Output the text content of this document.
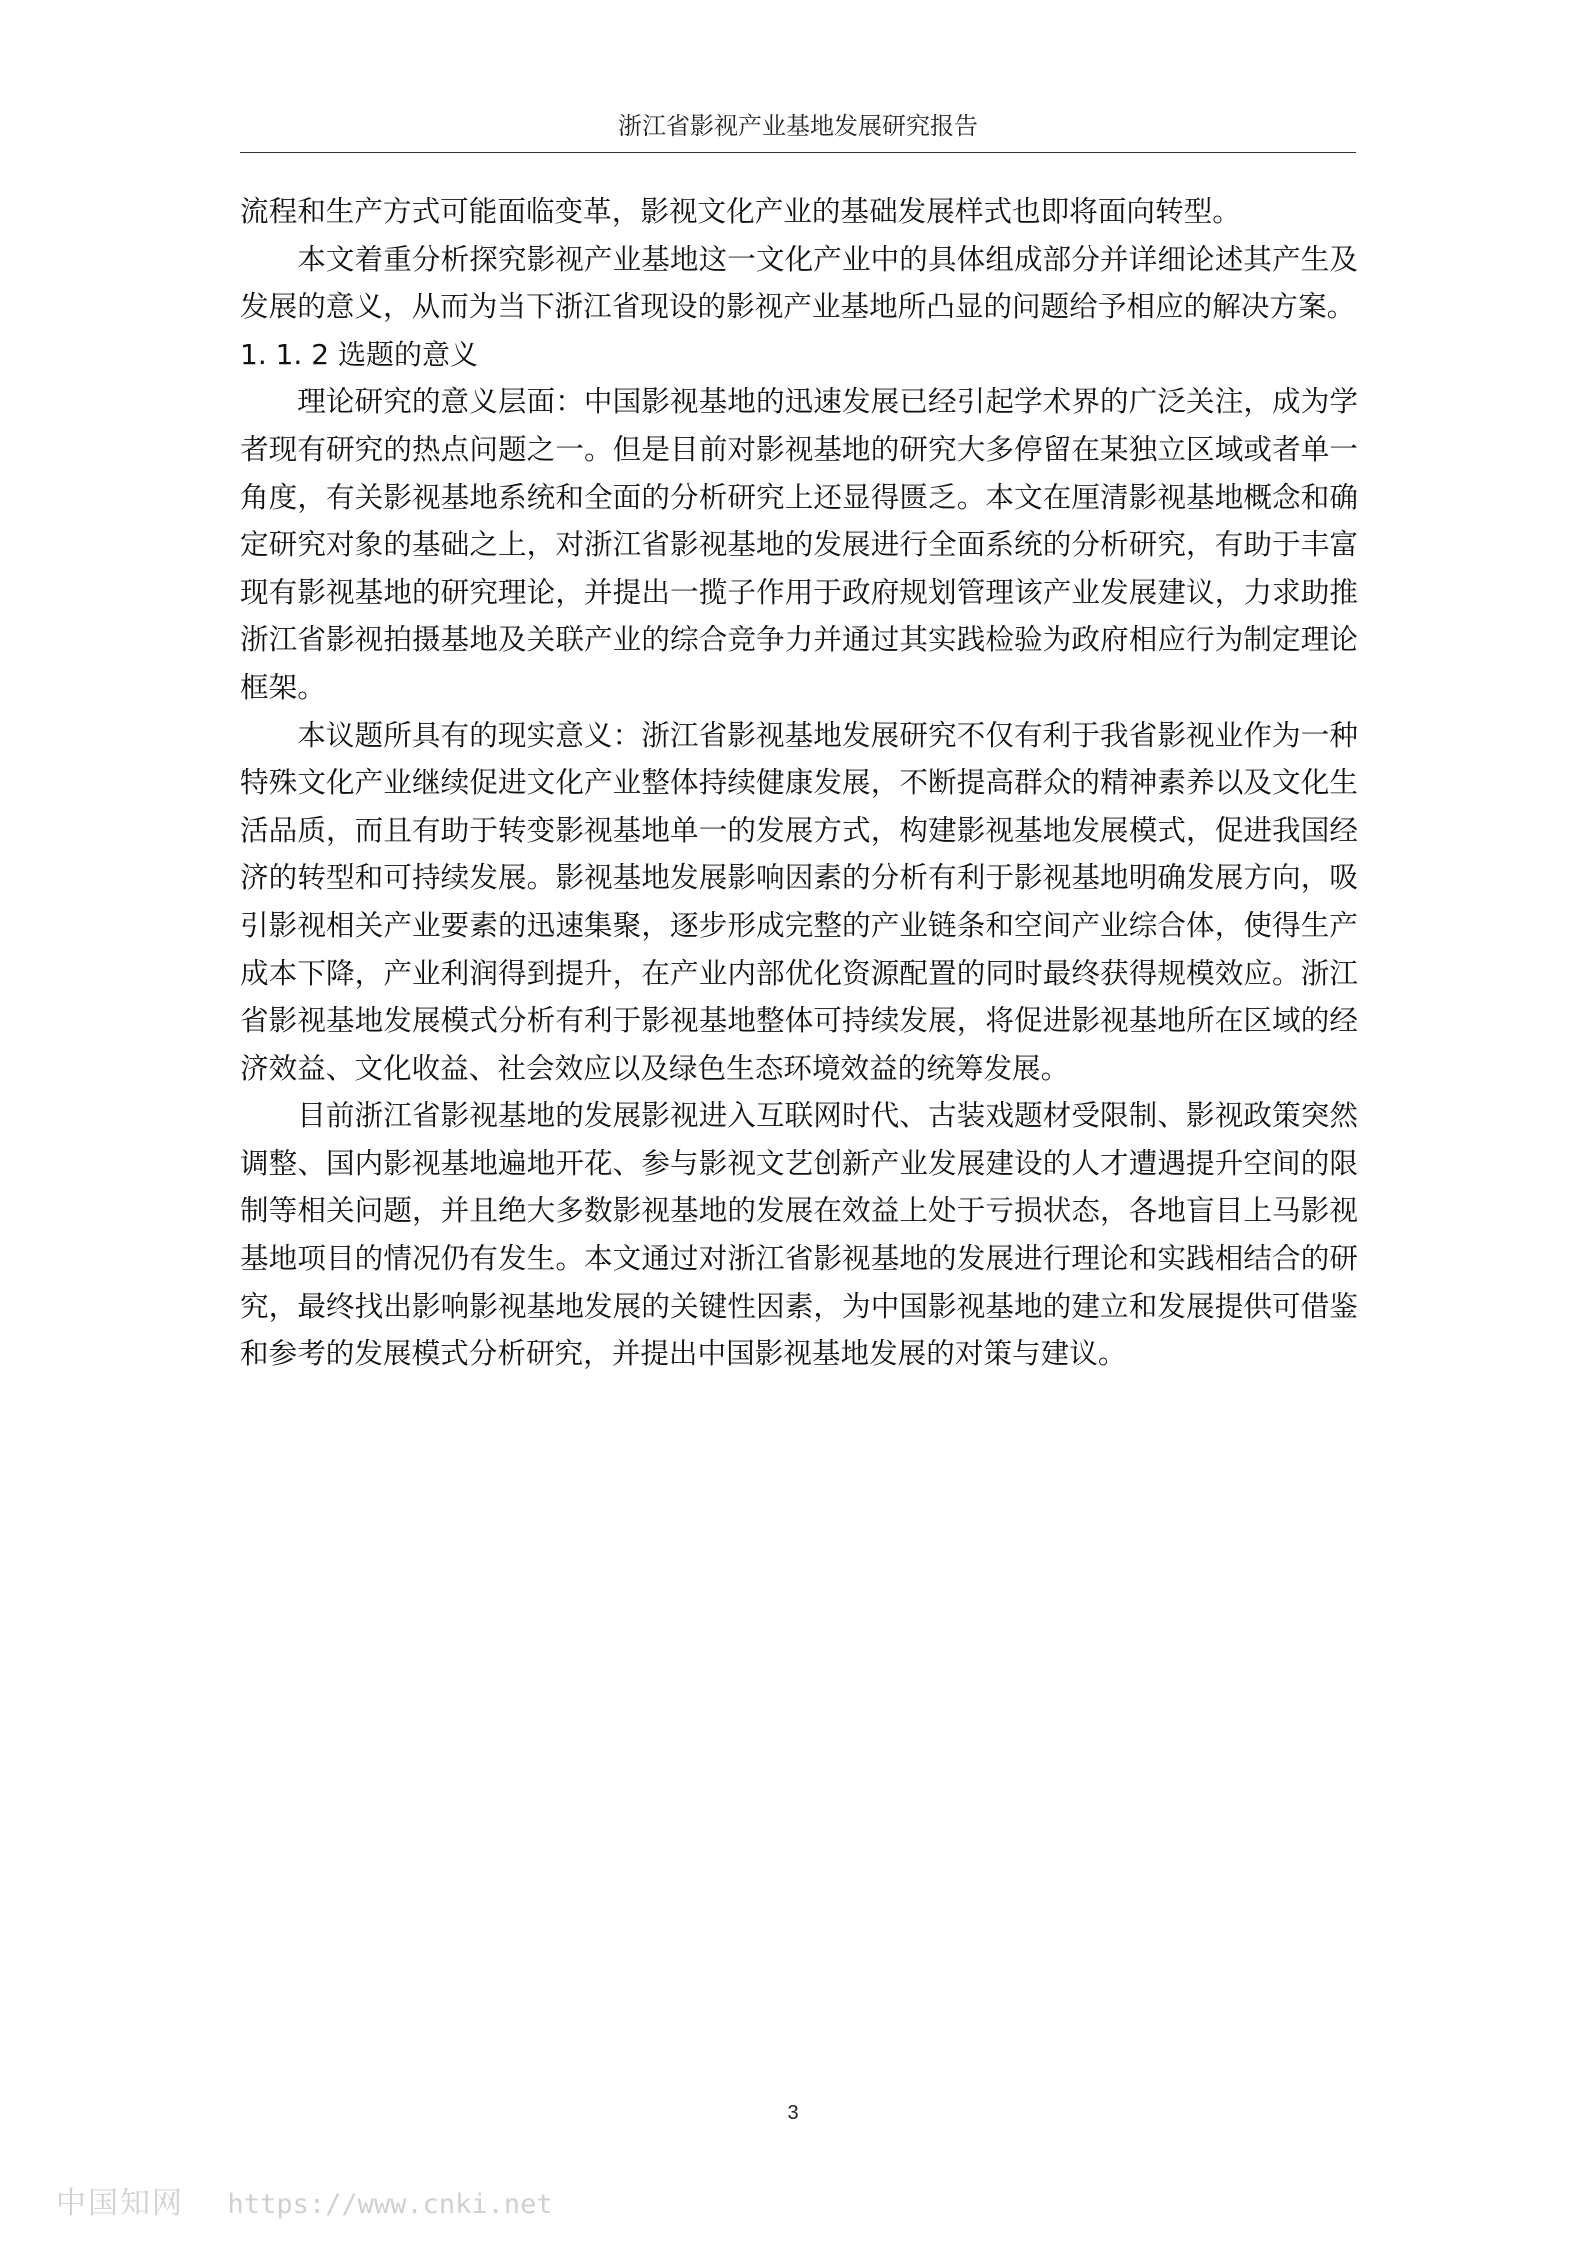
浙江省影视产业基地发展研究报告

流程和生产方式可能面临变革，影视文化产业的基础发展样式也即将面向转型。

本文着重分析探究影视产业基地这一文化产业中的具体组成部分并详细论述其产生及发展的意义，从而为当下浙江省现设的影视产业基地所凸显的问题给予相应的解决方案。

1. 1. 2 选题的意义

理论研究的意义层面：中国影视基地的迅速发展已经引起学术界的广泛关注，成为学者现有研究的热点问题之一。但是目前对影视基地的研究大多停留在某独立区域或者单一角度，有关影视基地系统和全面的分析研究上还显得匮乏。本文在厘清影视基地概念和确定研究对象的基础之上，对浙江省影视基地的发展进行全面系统的分析研究，有助于丰富现有影视基地的研究理论，并提出一揽子作用于政府规划管理该产业发展建议，力求助推浙江省影视拍摄基地及关联产业的综合竞争力并通过其实践检验为政府相应行为制定理论框架。

本议题所具有的现实意义：浙江省影视基地发展研究不仅有利于我省影视业作为一种特殊文化产业继续促进文化产业整体持续健康发展，不断提高群众的精神素养以及文化生活品质，而且有助于转变影视基地单一的发展方式，构建影视基地发展模式，促进我国经济的转型和可持续发展。影视基地发展影响因素的分析有利于影视基地明确发展方向，吸引影视相关产业要素的迅速集聚，逐步形成完整的产业链条和空间产业综合体，使得生产成本下降，产业利润得到提升，在产业内部优化资源配置的同时最终获得规模效应。浙江省影视基地发展模式分析有利于影视基地整体可持续发展，将促进影视基地所在区域的经济效益、文化收益、社会效应以及绿色生态环境效益的统筹发展。

目前浙江省影视基地的发展影视进入互联网时代、古装戏题材受限制、影视政策突然调整、国内影视基地遍地开花、参与影视文艺创新产业发展建设的人才遭遇提升空间的限制等相关问题，并且绝大多数影视基地的发展在效益上处于亏损状态，各地盲目上马影视基地项目的情况仍有发生。本文通过对浙江省影视基地的发展进行理论和实践相结合的研究，最终找出影响影视基地发展的关键性因素，为中国影视基地的建立和发展提供可借鉴和参考的发展模式分析研究，并提出中国影视基地发展的对策与建议。

3
中国知网 https://www.cnki.net
